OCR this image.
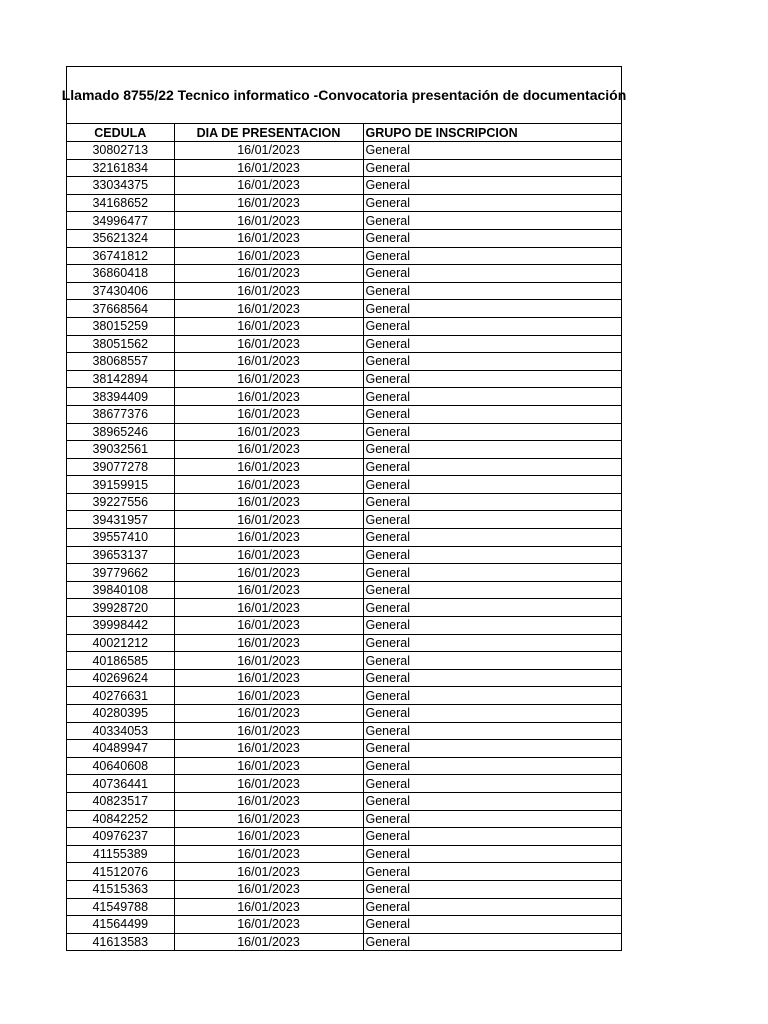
Llamado 8755/22 Tecnico informatico -Convocatoria presentación de documentación
CEDULA	DIA DE PRESENTACION	GRUPO DE INSCRIPCION
30802713	16/01/2023	General
32161834	16/01/2023	General
33034375	16/01/2023	General
34168652	16/01/2023	General
34996477	16/01/2023	General
35621324	16/01/2023	General
36741812	16/01/2023	General
36860418	16/01/2023	General
37430406	16/01/2023	General
37668564	16/01/2023	General
38015259	16/01/2023	General
38051562	16/01/2023	General
38068557	16/01/2023	General
38142894	16/01/2023	General
38394409	16/01/2023	General
38677376	16/01/2023	General
38965246	16/01/2023	General
39032561	16/01/2023	General
39077278	16/01/2023	General
39159915	16/01/2023	General
39227556	16/01/2023	General
39431957	16/01/2023	General
39557410	16/01/2023	General
39653137	16/01/2023	General
39779662	16/01/2023	General
39840108	16/01/2023	General
39928720	16/01/2023	General
39998442	16/01/2023	General
40021212	16/01/2023	General
40186585	16/01/2023	General
40269624	16/01/2023	General
40276631	16/01/2023	General
40280395	16/01/2023	General
40334053	16/01/2023	General
40489947	16/01/2023	General
40640608	16/01/2023	General
40736441	16/01/2023	General
40823517	16/01/2023	General
40842252	16/01/2023	General
40976237	16/01/2023	General
41155389	16/01/2023	General
41512076	16/01/2023	General
41515363	16/01/2023	General
41549788	16/01/2023	General
41564499	16/01/2023	General
41613583	16/01/2023	General
